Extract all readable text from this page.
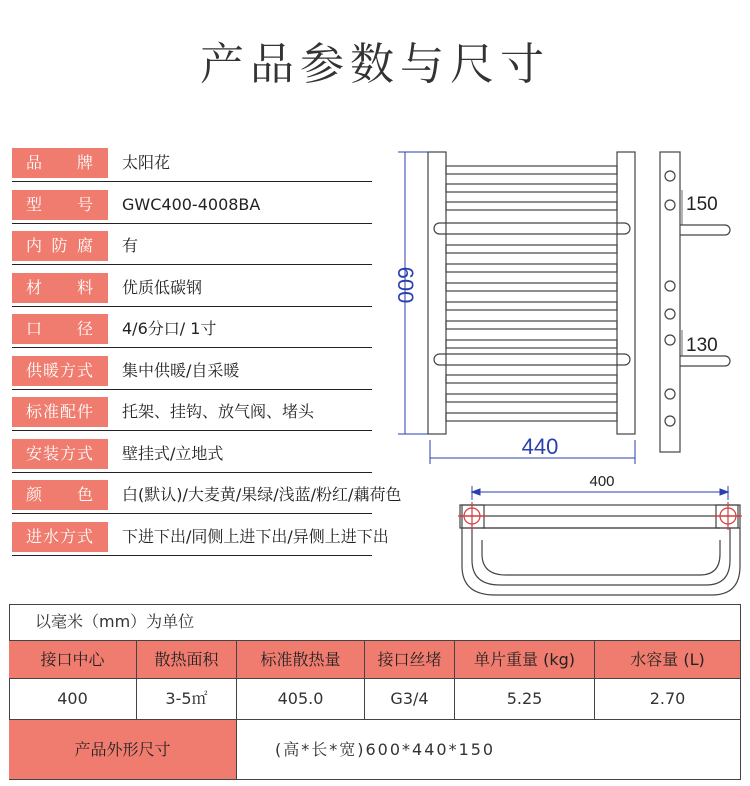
产品参数与尺寸
品牌	太阳花
型号	GWC400-4008BA
内防腐	有
材料	优质低碳钢
口径	4/6分口/ 1寸
供暖方式	集中供暖/自采暖
标准配件	托架、挂钩、放气阀、堵头
安装方式	壁挂式/立地式
颜色	白(默认)/大麦黄/果绿/浅蓝/粉红/藕荷色
进水方式	下进下出/同侧上进下出/异侧上进下出
600
440
150
130
400
以毫米（mm）为单位
接口中心	散热面积	标准散热量	接口丝堵	单片重量 (kg)	水容量 (L)
400	3-5㎡	405.0	G3/4	5.25	2.70
产品外形尺寸	(高*长*宽)600*440*150
